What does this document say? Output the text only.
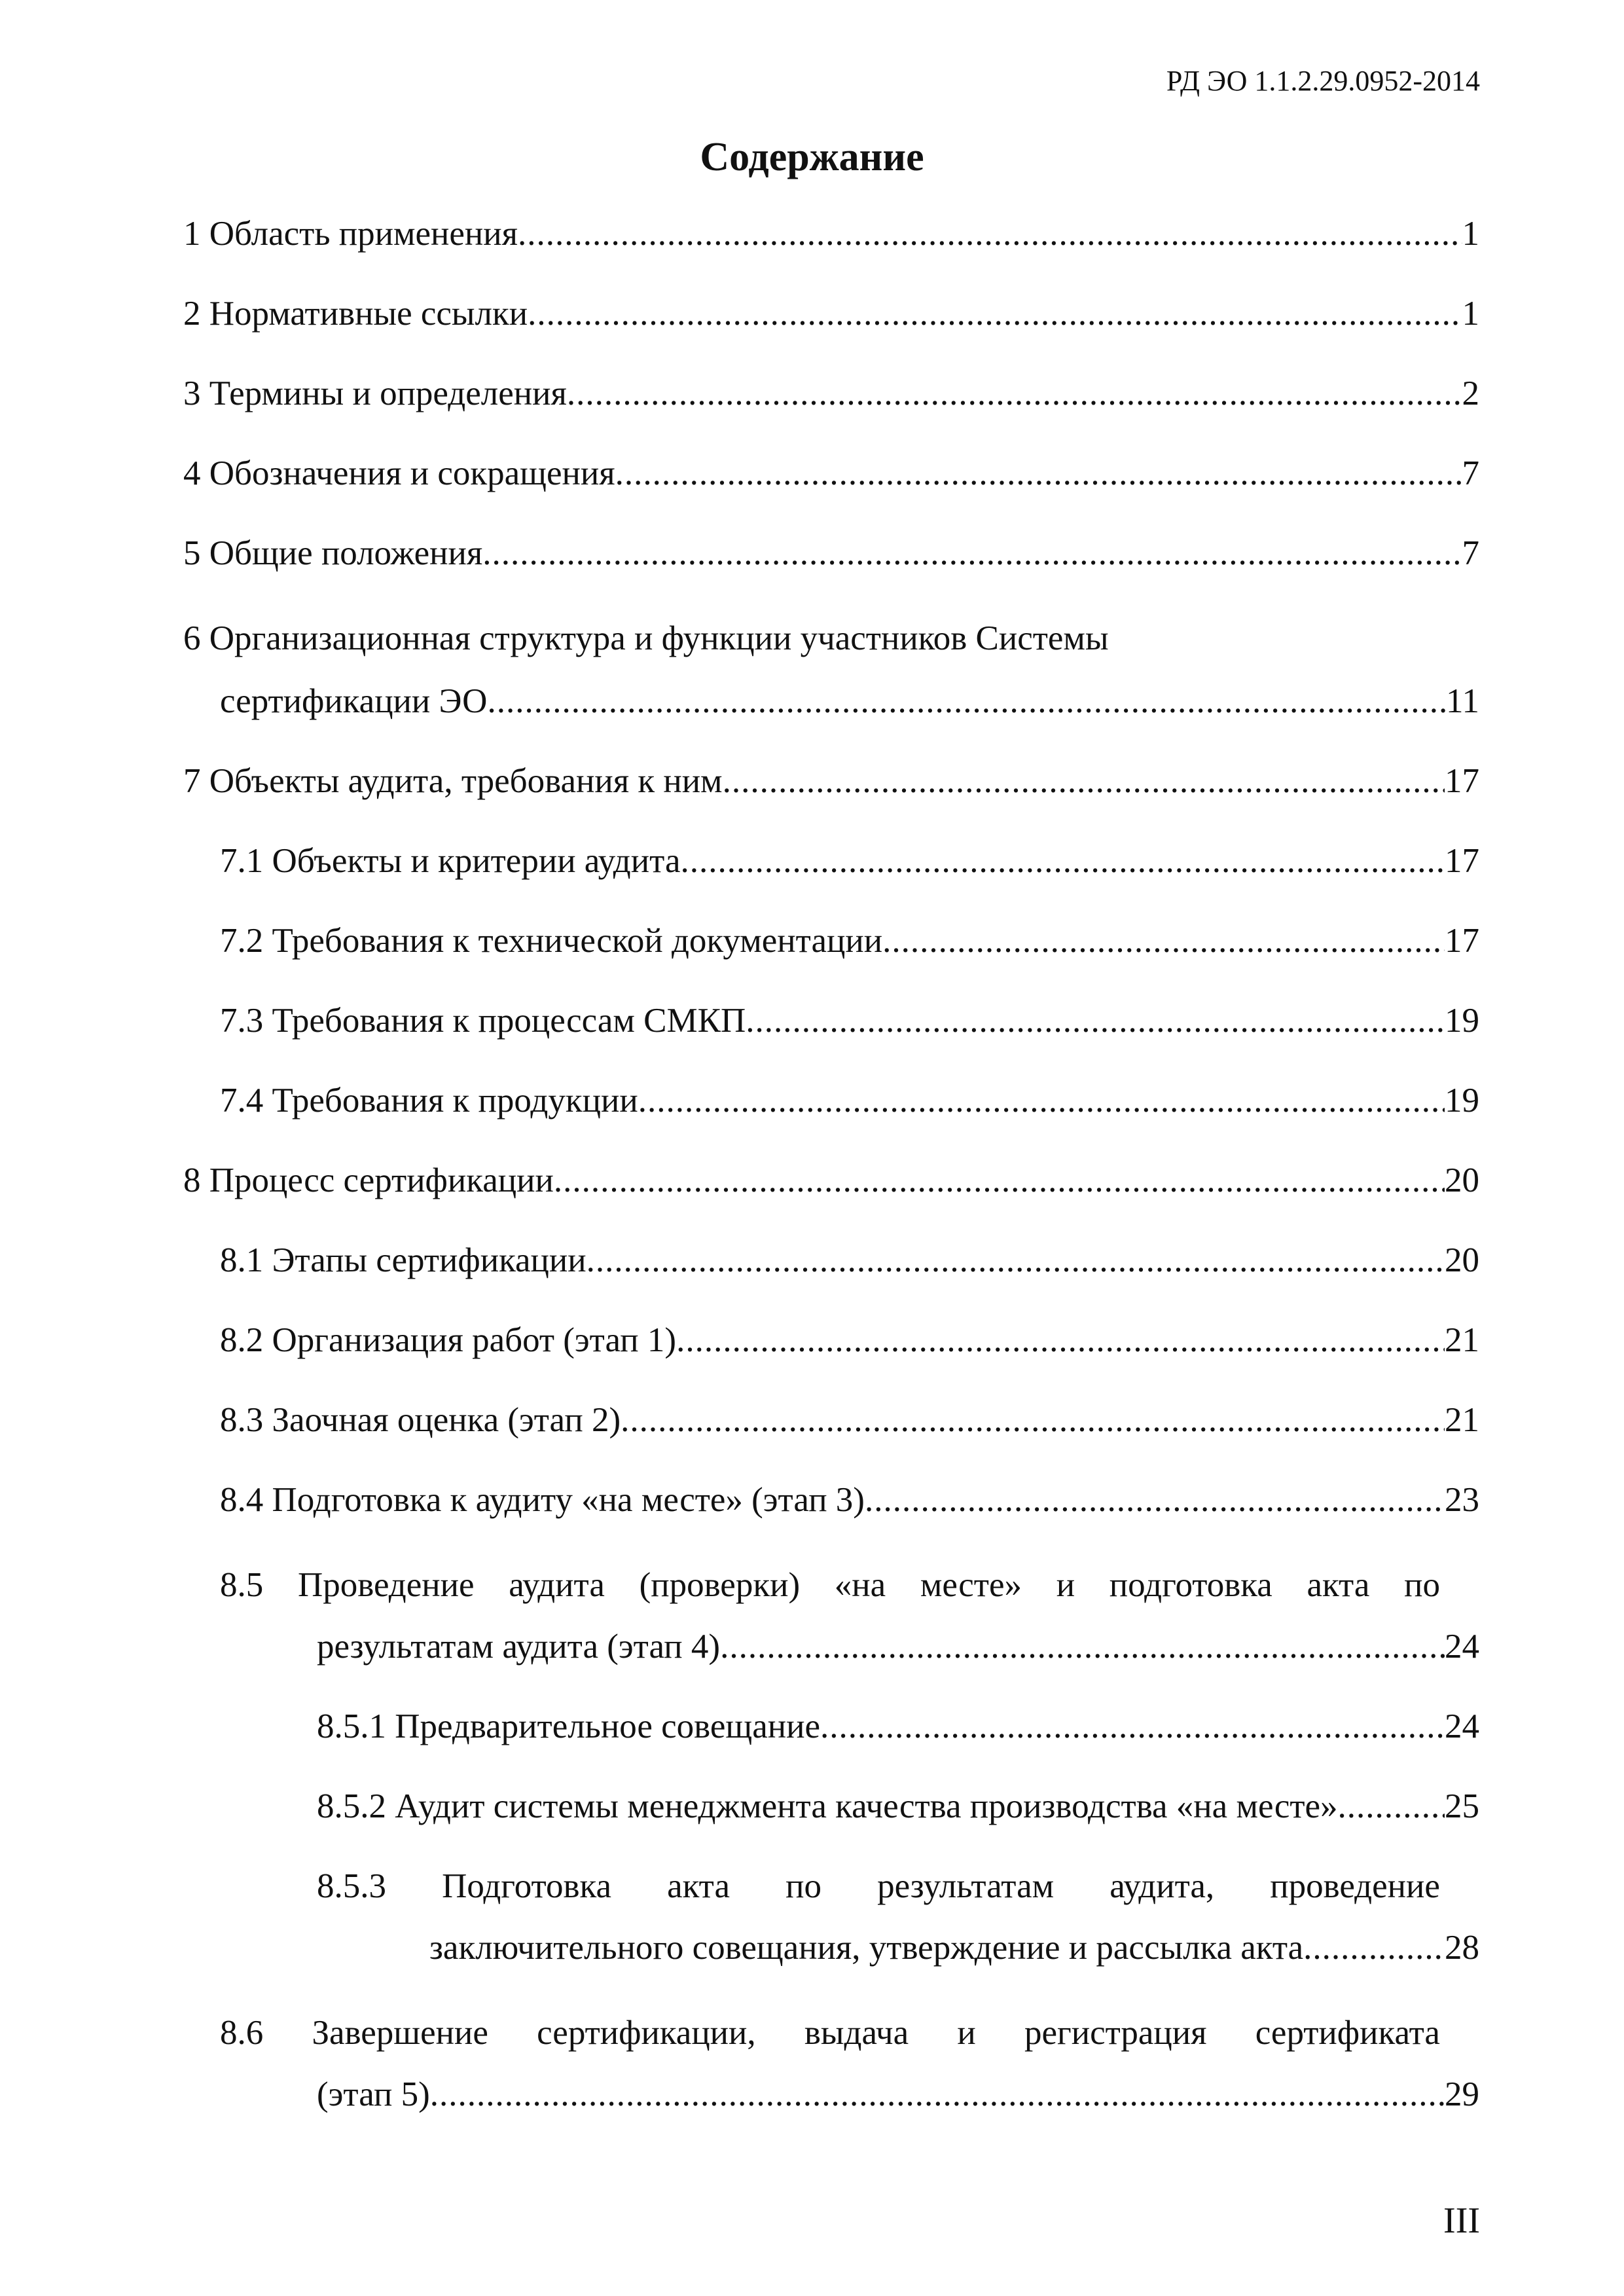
РД ЭО 1.1.2.29.0952-2014
Содержание
1 Область применения .....	1
2 Нормативные ссылки .....	1
3 Термины и определения .....	2
4 Обозначения и сокращения .....	7
5 Общие положения .....	7
6 Организационная структура и функции участников Системы
сертификации ЭО .....	11
7 Объекты аудита, требования к ним .....	17
7.1 Объекты и критерии аудита .....	17
7.2 Требования к технической документации .....	17
7.3 Требования к процессам СМКП .....	19
7.4 Требования к продукции .....	19
8 Процесс сертификации .....	20
8.1 Этапы сертификации .....	20
8.2 Организация работ (этап 1) .....	21
8.3 Заочная оценка (этап 2) .....	21
8.4 Подготовка к аудиту «на месте» (этап 3) .....	23
8.5 Проведение аудита (проверки) «на месте» и подготовка акта по
результатам аудита (этап 4) .....	24
8.5.1 Предварительное совещание .....	24
8.5.2 Аудит системы менеджмента качества производства «на месте» .....	25
8.5.3 Подготовка акта по результатам аудита, проведение
заключительного совещания, утверждение и рассылка акта .....	28
8.6 Завершение сертификации, выдача и регистрация сертификата
(этап 5) .....	29
III
